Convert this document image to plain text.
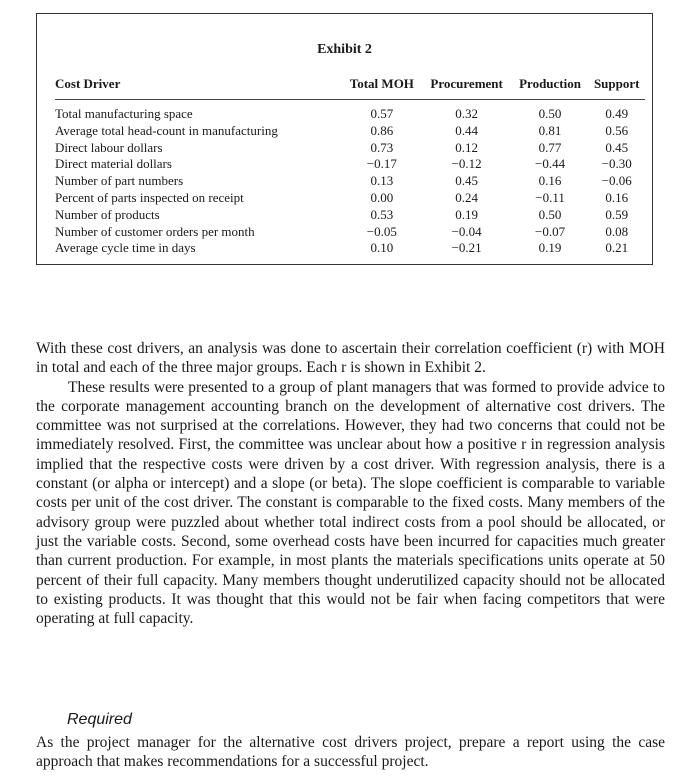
Exhibit 2
Cost Driver	Total MOH	Procurement	Production	Support

Total manufacturing space	0.57	0.32	0.50	0.49
Average total head-count in manufacturing	0.86	0.44	0.81	0.56
Direct labour dollars	0.73	0.12	0.77	0.45
Direct material dollars	−0.17	−0.12	−0.44	−0.30
Number of part numbers	0.13	0.45	0.16	−0.06
Percent of parts inspected on receipt	0.00	0.24	−0.11	0.16
Number of products	0.53	0.19	0.50	0.59
Number of customer orders per month	−0.05	−0.04	−0.07	0.08
Average cycle time in days	0.10	−0.21	0.19	0.21

With these cost drivers, an analysis was done to ascertain their correlation coefficient (r) with MOH in total and each of the three major groups. Each r is shown in Exhibit 2.

These results were presented to a group of plant managers that was formed to provide advice to the corporate management accounting branch on the development of alternative cost drivers. The committee was not surprised at the correlations. However, they had two concerns that could not be immediately resolved. First, the committee was unclear about how a positive r in regression analysis implied that the respective costs were driven by a cost driver. With regression analysis, there is a constant (or alpha or intercept) and a slope (or beta). The slope coefficient is comparable to variable costs per unit of the cost driver. The constant is comparable to the fixed costs. Many members of the advisory group were puzzled about whether total indirect costs from a pool should be allocated, or just the variable costs. Second, some overhead costs have been incurred for capacities much greater than current production. For example, in most plants the materials specifications units operate at 50 percent of their full capacity. Many members thought underutilized capacity should not be allocated to existing products. It was thought that this would not be fair when facing competitors that were operating at full capacity.

Required
As the project manager for the alternative cost drivers project, prepare a report using the case approach that makes recommendations for a successful project.
